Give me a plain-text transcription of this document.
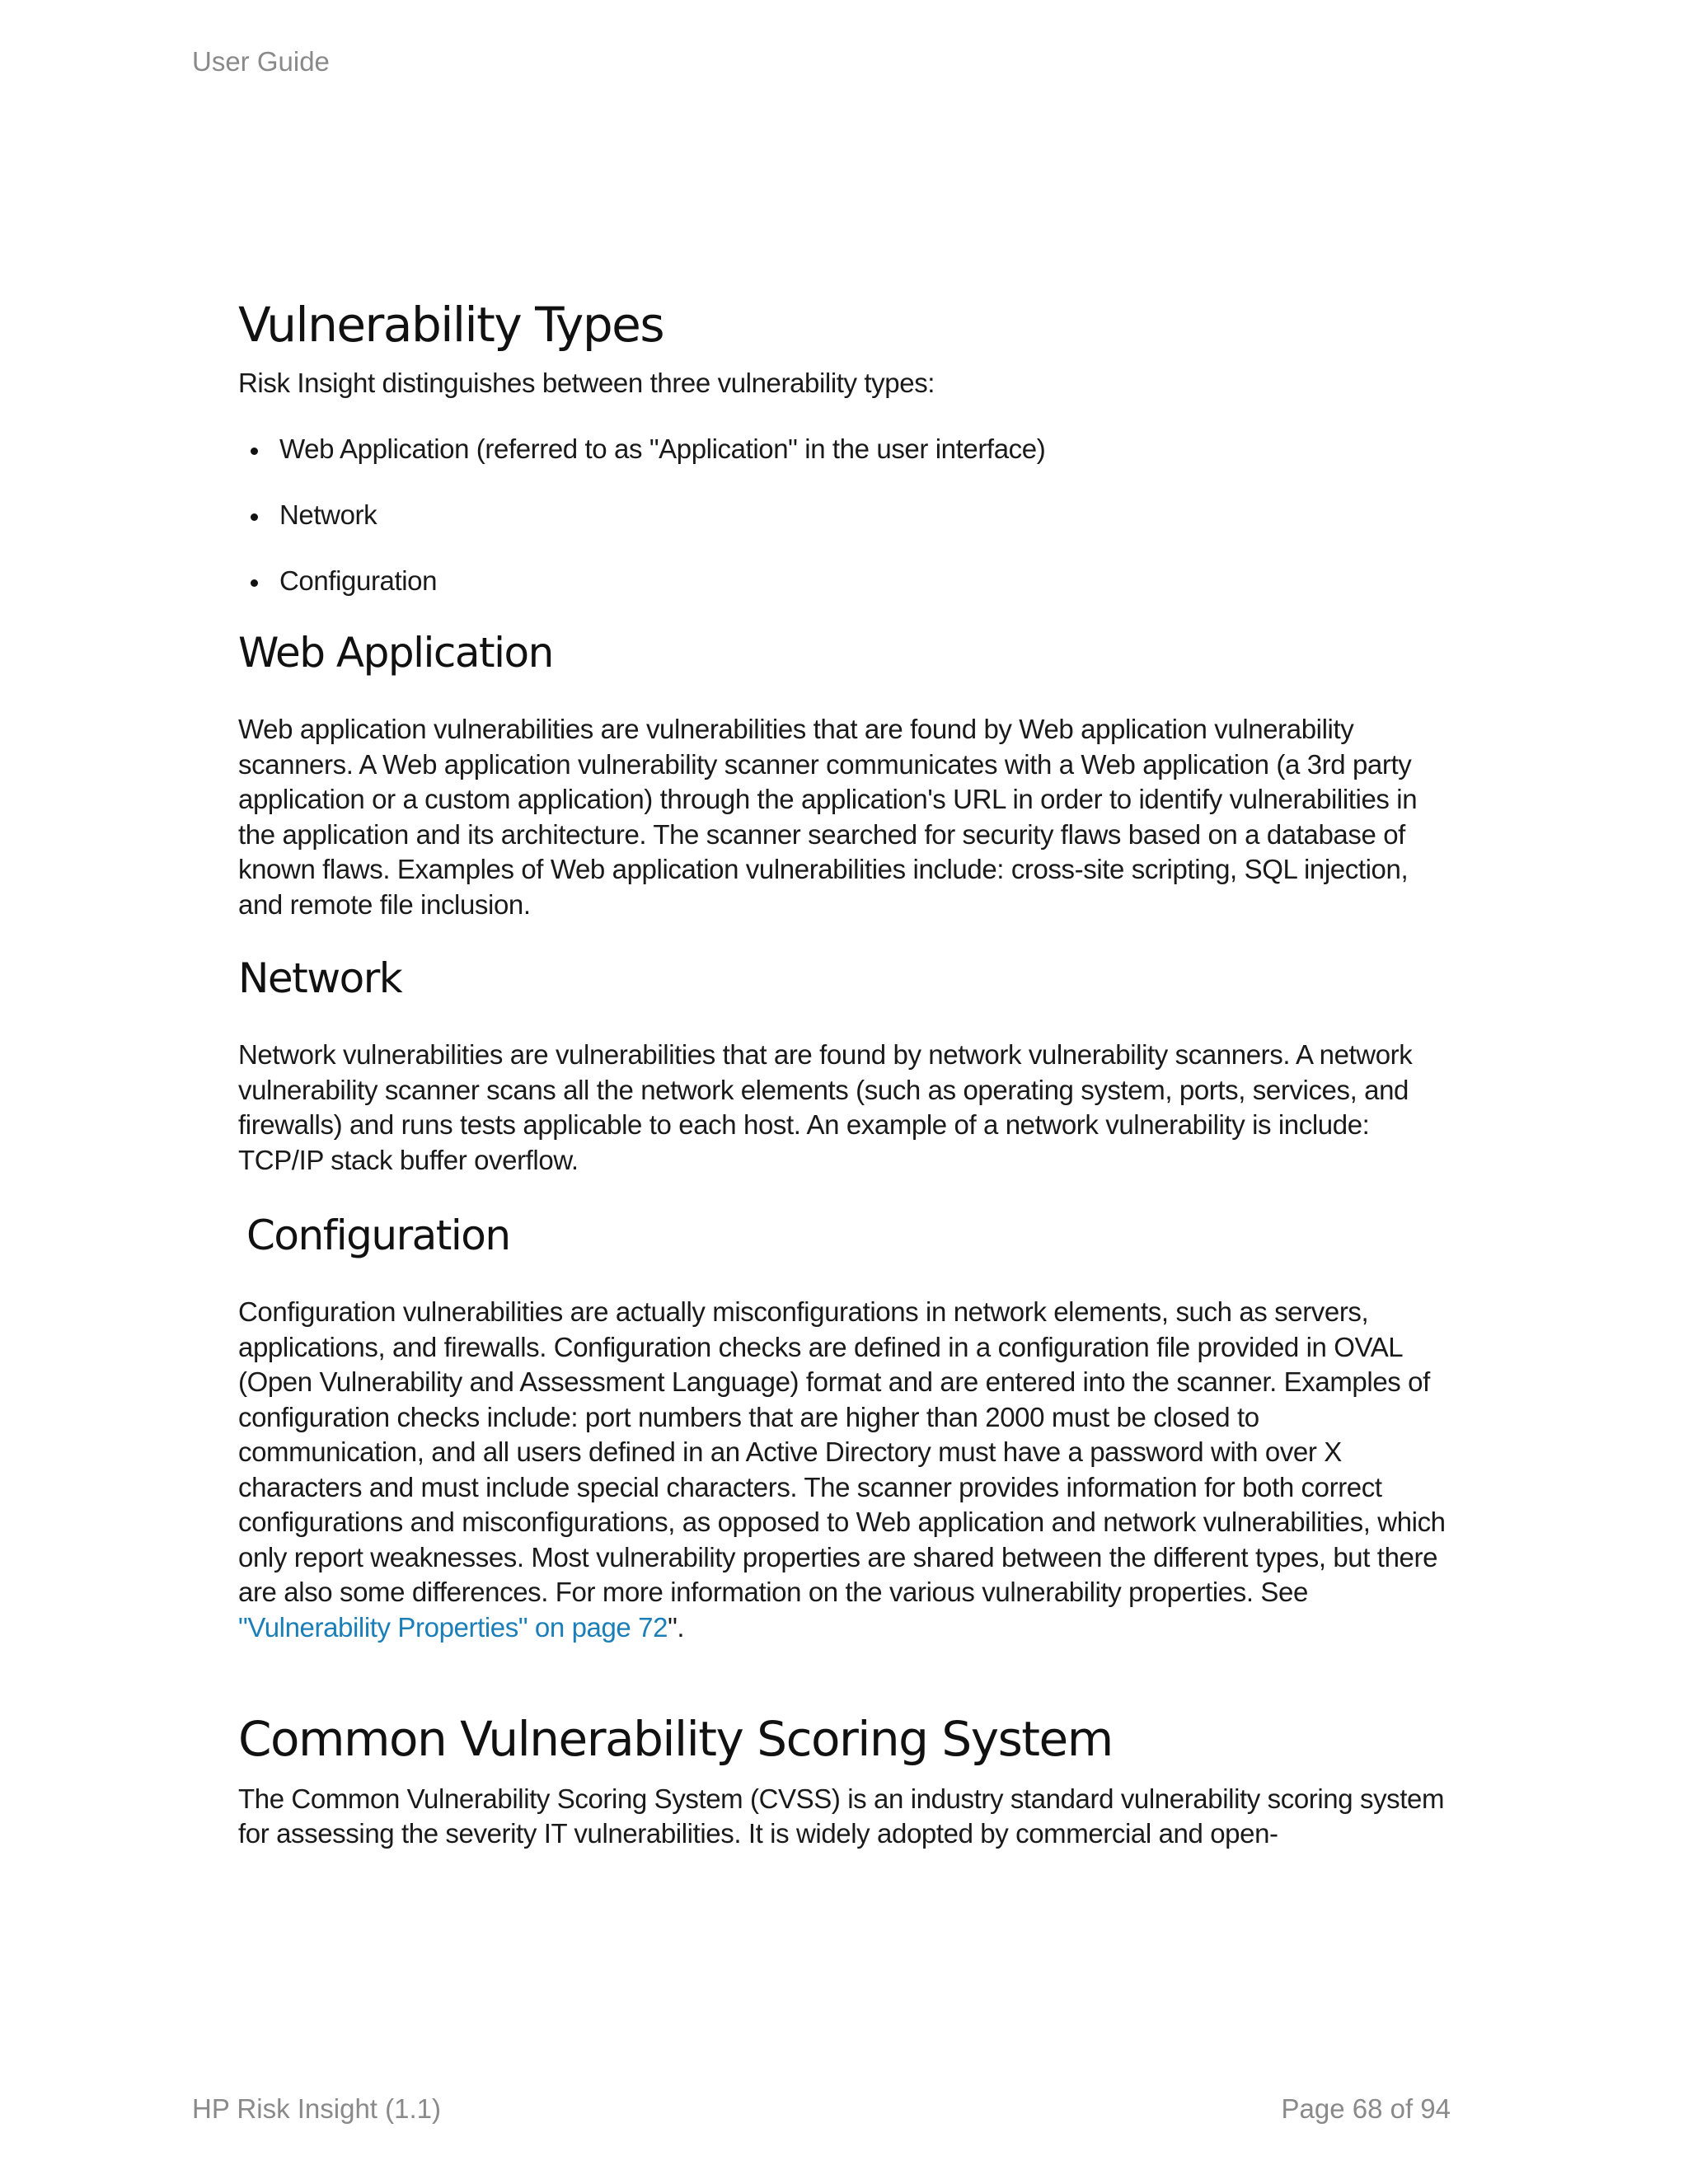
User Guide
Vulnerability Types

Risk Insight distinguishes between three vulnerability types:

Web Application (referred to as "Application" in the user interface)
Network
Configuration
Web Application

Web application vulnerabilities are vulnerabilities that are found by Web application vulnerability scanners. A Web application vulnerability scanner communicates with a Web application (a 3rd party application or a custom application) through the application's URL in order to identify vulnerabilities in the application and its architecture. The scanner searched for security flaws based on a database of known flaws. Examples of Web application vulnerabilities include: cross-site scripting, SQL injection, and remote file inclusion.

Network

Network vulnerabilities are vulnerabilities that are found by network vulnerability scanners. A network vulnerability scanner scans all the network elements (such as operating system, ports, services, and firewalls) and runs tests applicable to each host. An example of a network vulnerability is include: TCP/IP stack buffer overflow.

Configuration

Configuration vulnerabilities are actually misconfigurations in network elements, such as servers, applications, and firewalls. Configuration checks are defined in a configuration file provided in OVAL (Open Vulnerability and Assessment Language) format and are entered into the scanner. Examples of configuration checks include: port numbers that are higher than 2000 must be closed to communication, and all users defined in an Active Directory must have a password with over X characters and must include special characters. The scanner provides information for both correct configurations and misconfigurations, as opposed to Web application and network vulnerabilities, which only report weaknesses. Most vulnerability properties are shared between the different types, but there are also some differences. For more information on the various vulnerability properties. See "Vulnerability Properties" on page 72".

Common Vulnerability Scoring System

The Common Vulnerability Scoring System (CVSS) is an industry standard vulnerability scoring system for assessing the severity IT vulnerabilities. It is widely adopted by commercial and open-

HP Risk Insight (1.1)	Page 68 of 94
